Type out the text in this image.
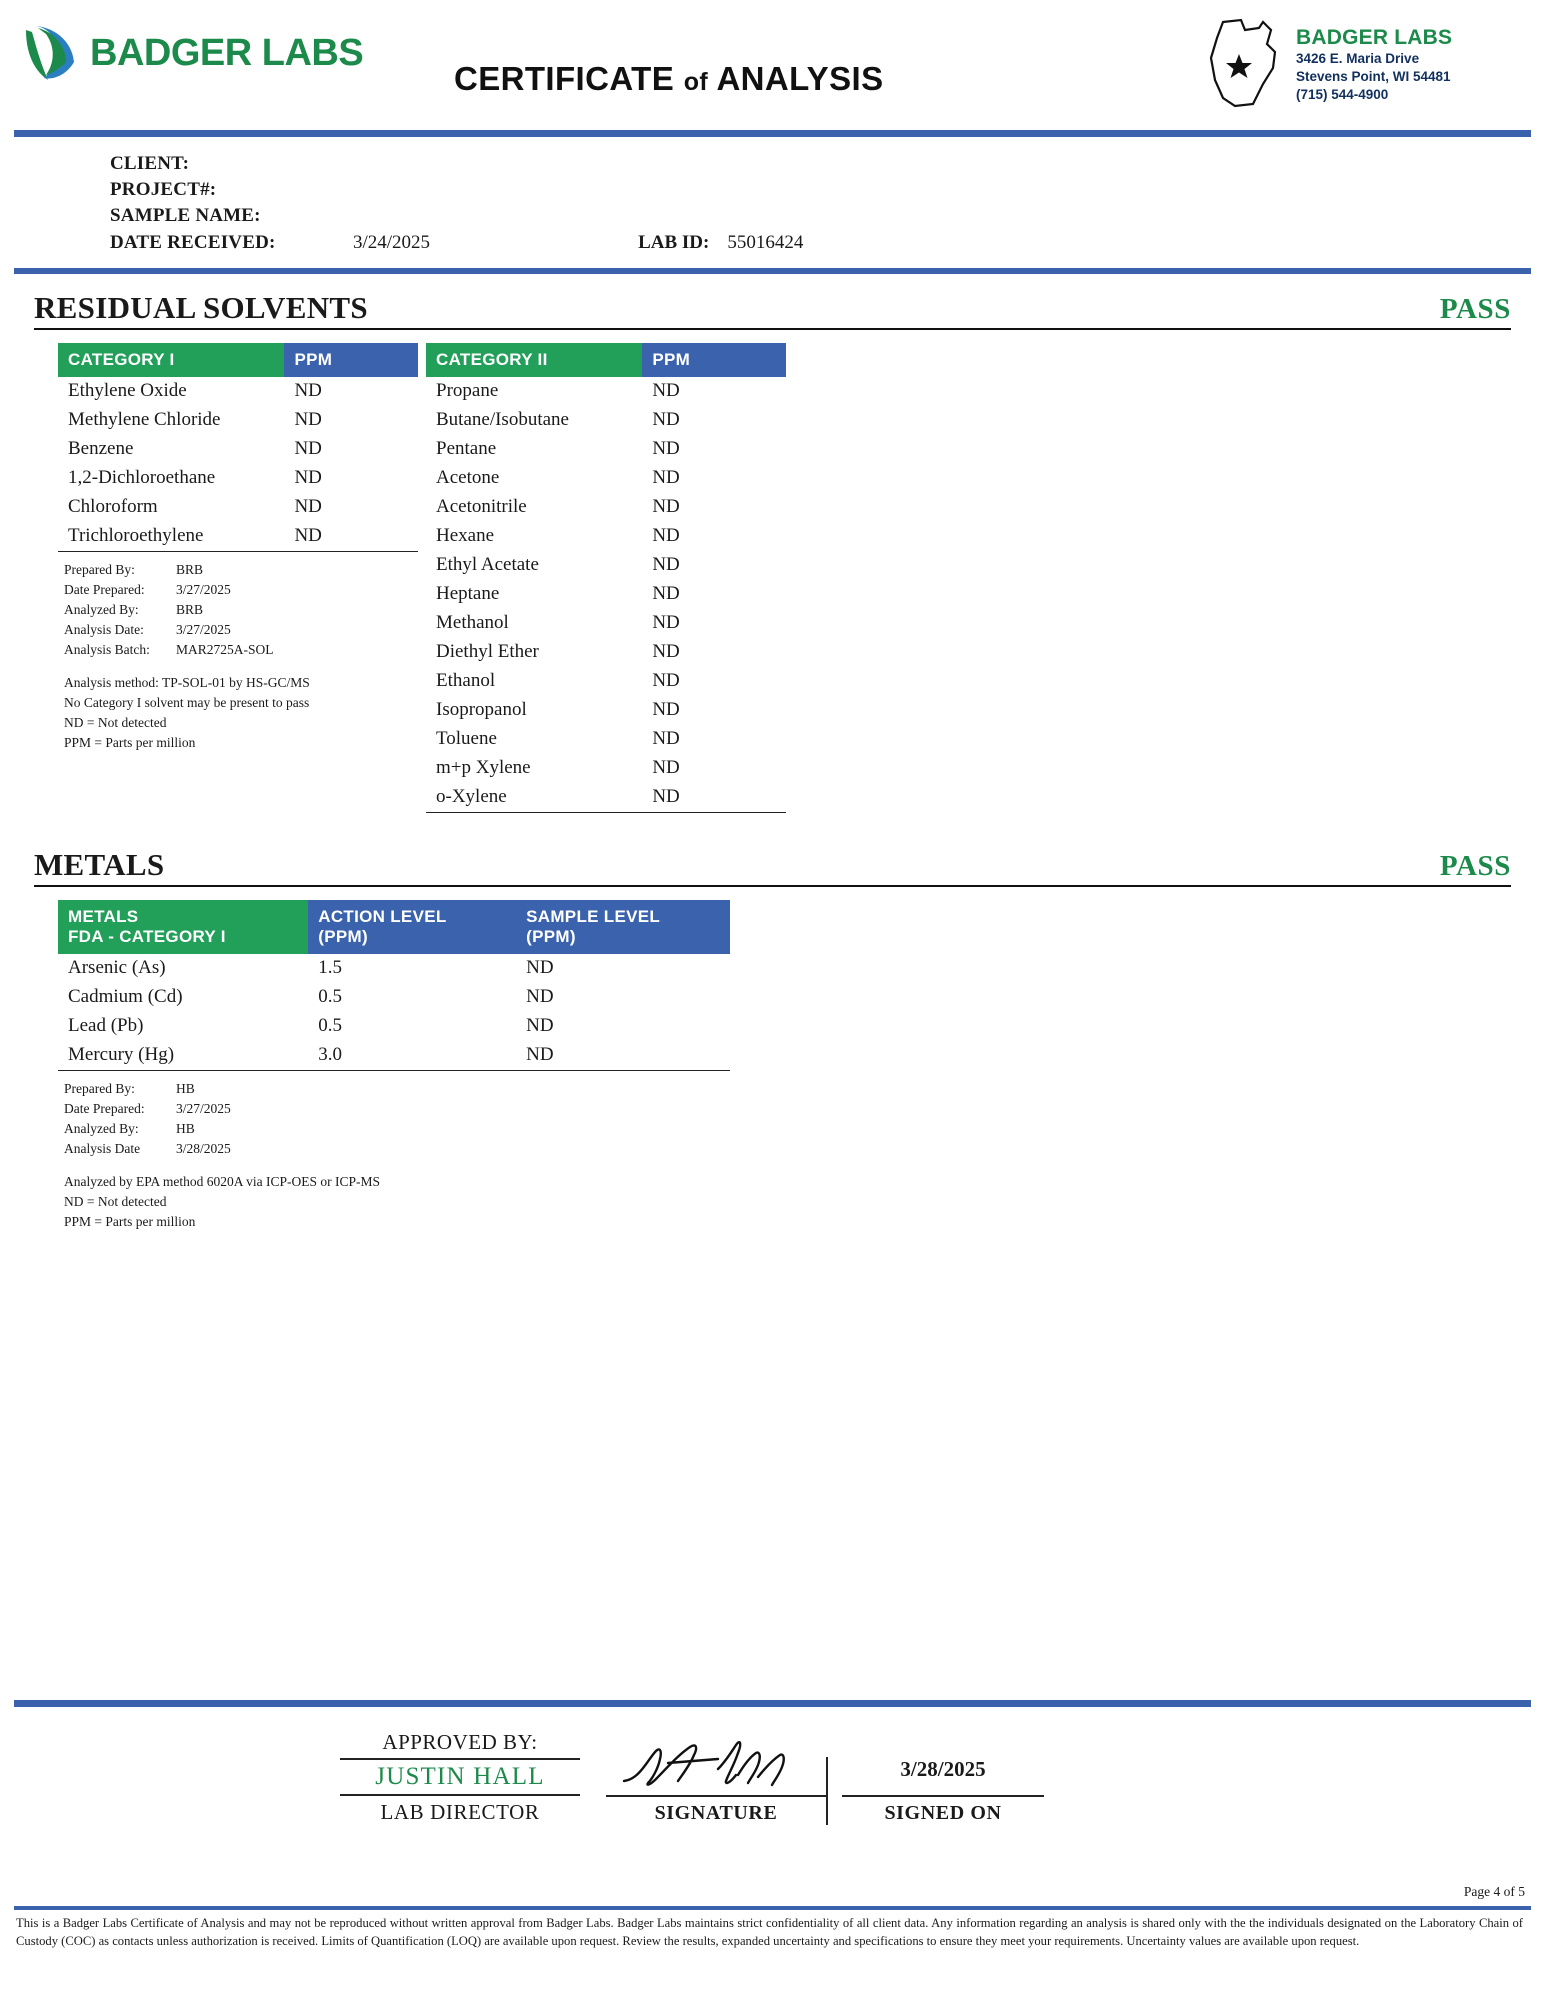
BADGER LABS
CERTIFICATE of ANALYSIS
BADGER LABS
3426 E. Maria Drive
Stevens Point, WI 54481
(715) 544-4900
CLIENT:
PROJECT#:
SAMPLE NAME:
DATE RECEIVED:	3/24/2025	LAB ID: 55016424
RESIDUAL SOLVENTS	PASS
CATEGORY I	PPM
Ethylene Oxide	ND
Methylene Chloride	ND
Benzene	ND
1,2-Dichloroethane	ND
Chloroform	ND
Trichloroethylene	ND
Prepared By:	BRB
Date Prepared:	3/27/2025
Analyzed By:	BRB
Analysis Date:	3/27/2025
Analysis Batch:	MAR2725A-SOL
Analysis method: TP-SOL-01 by HS-GC/MS
No Category I solvent may be present to pass
ND = Not detected
PPM = Parts per million
CATEGORY II	PPM
Propane	ND
Butane/Isobutane	ND
Pentane	ND
Acetone	ND
Acetonitrile	ND
Hexane	ND
Ethyl Acetate	ND
Heptane	ND
Methanol	ND
Diethyl Ether	ND
Ethanol	ND
Isopropanol	ND
Toluene	ND
m+p Xylene	ND
o-Xylene	ND
METALS	PASS
METALS
FDA - CATEGORY I

ACTION LEVEL
(PPM)

SAMPLE LEVEL
(PPM)

Arsenic (As)	1.5	ND
Cadmium (Cd)	0.5	ND
Lead (Pb)	0.5	ND
Mercury (Hg)	3.0	ND
Prepared By:	HB
Date Prepared:	3/27/2025
Analyzed By:	HB
Analysis Date	3/28/2025
Analyzed by EPA method 6020A via ICP-OES or ICP-MS
ND = Not detected
PPM = Parts per million
APPROVED BY:
JUSTIN HALL
LAB DIRECTOR	SIGNATURE
3/28/2025
SIGNED ON
Page 4 of 5
This is a Badger Labs Certificate of Analysis and may not be reproduced without written approval from Badger Labs. Badger Labs maintains strict confidentiality of all client data. Any information regarding an analysis is shared only with the the individuals designated on the Laboratory Chain of Custody (COC) as contacts unless authorization is received. Limits of Quantification (LOQ) are available upon request. Review the results, expanded uncertainty and specifications to ensure they meet your requirements. Uncertainty values are available upon request.
